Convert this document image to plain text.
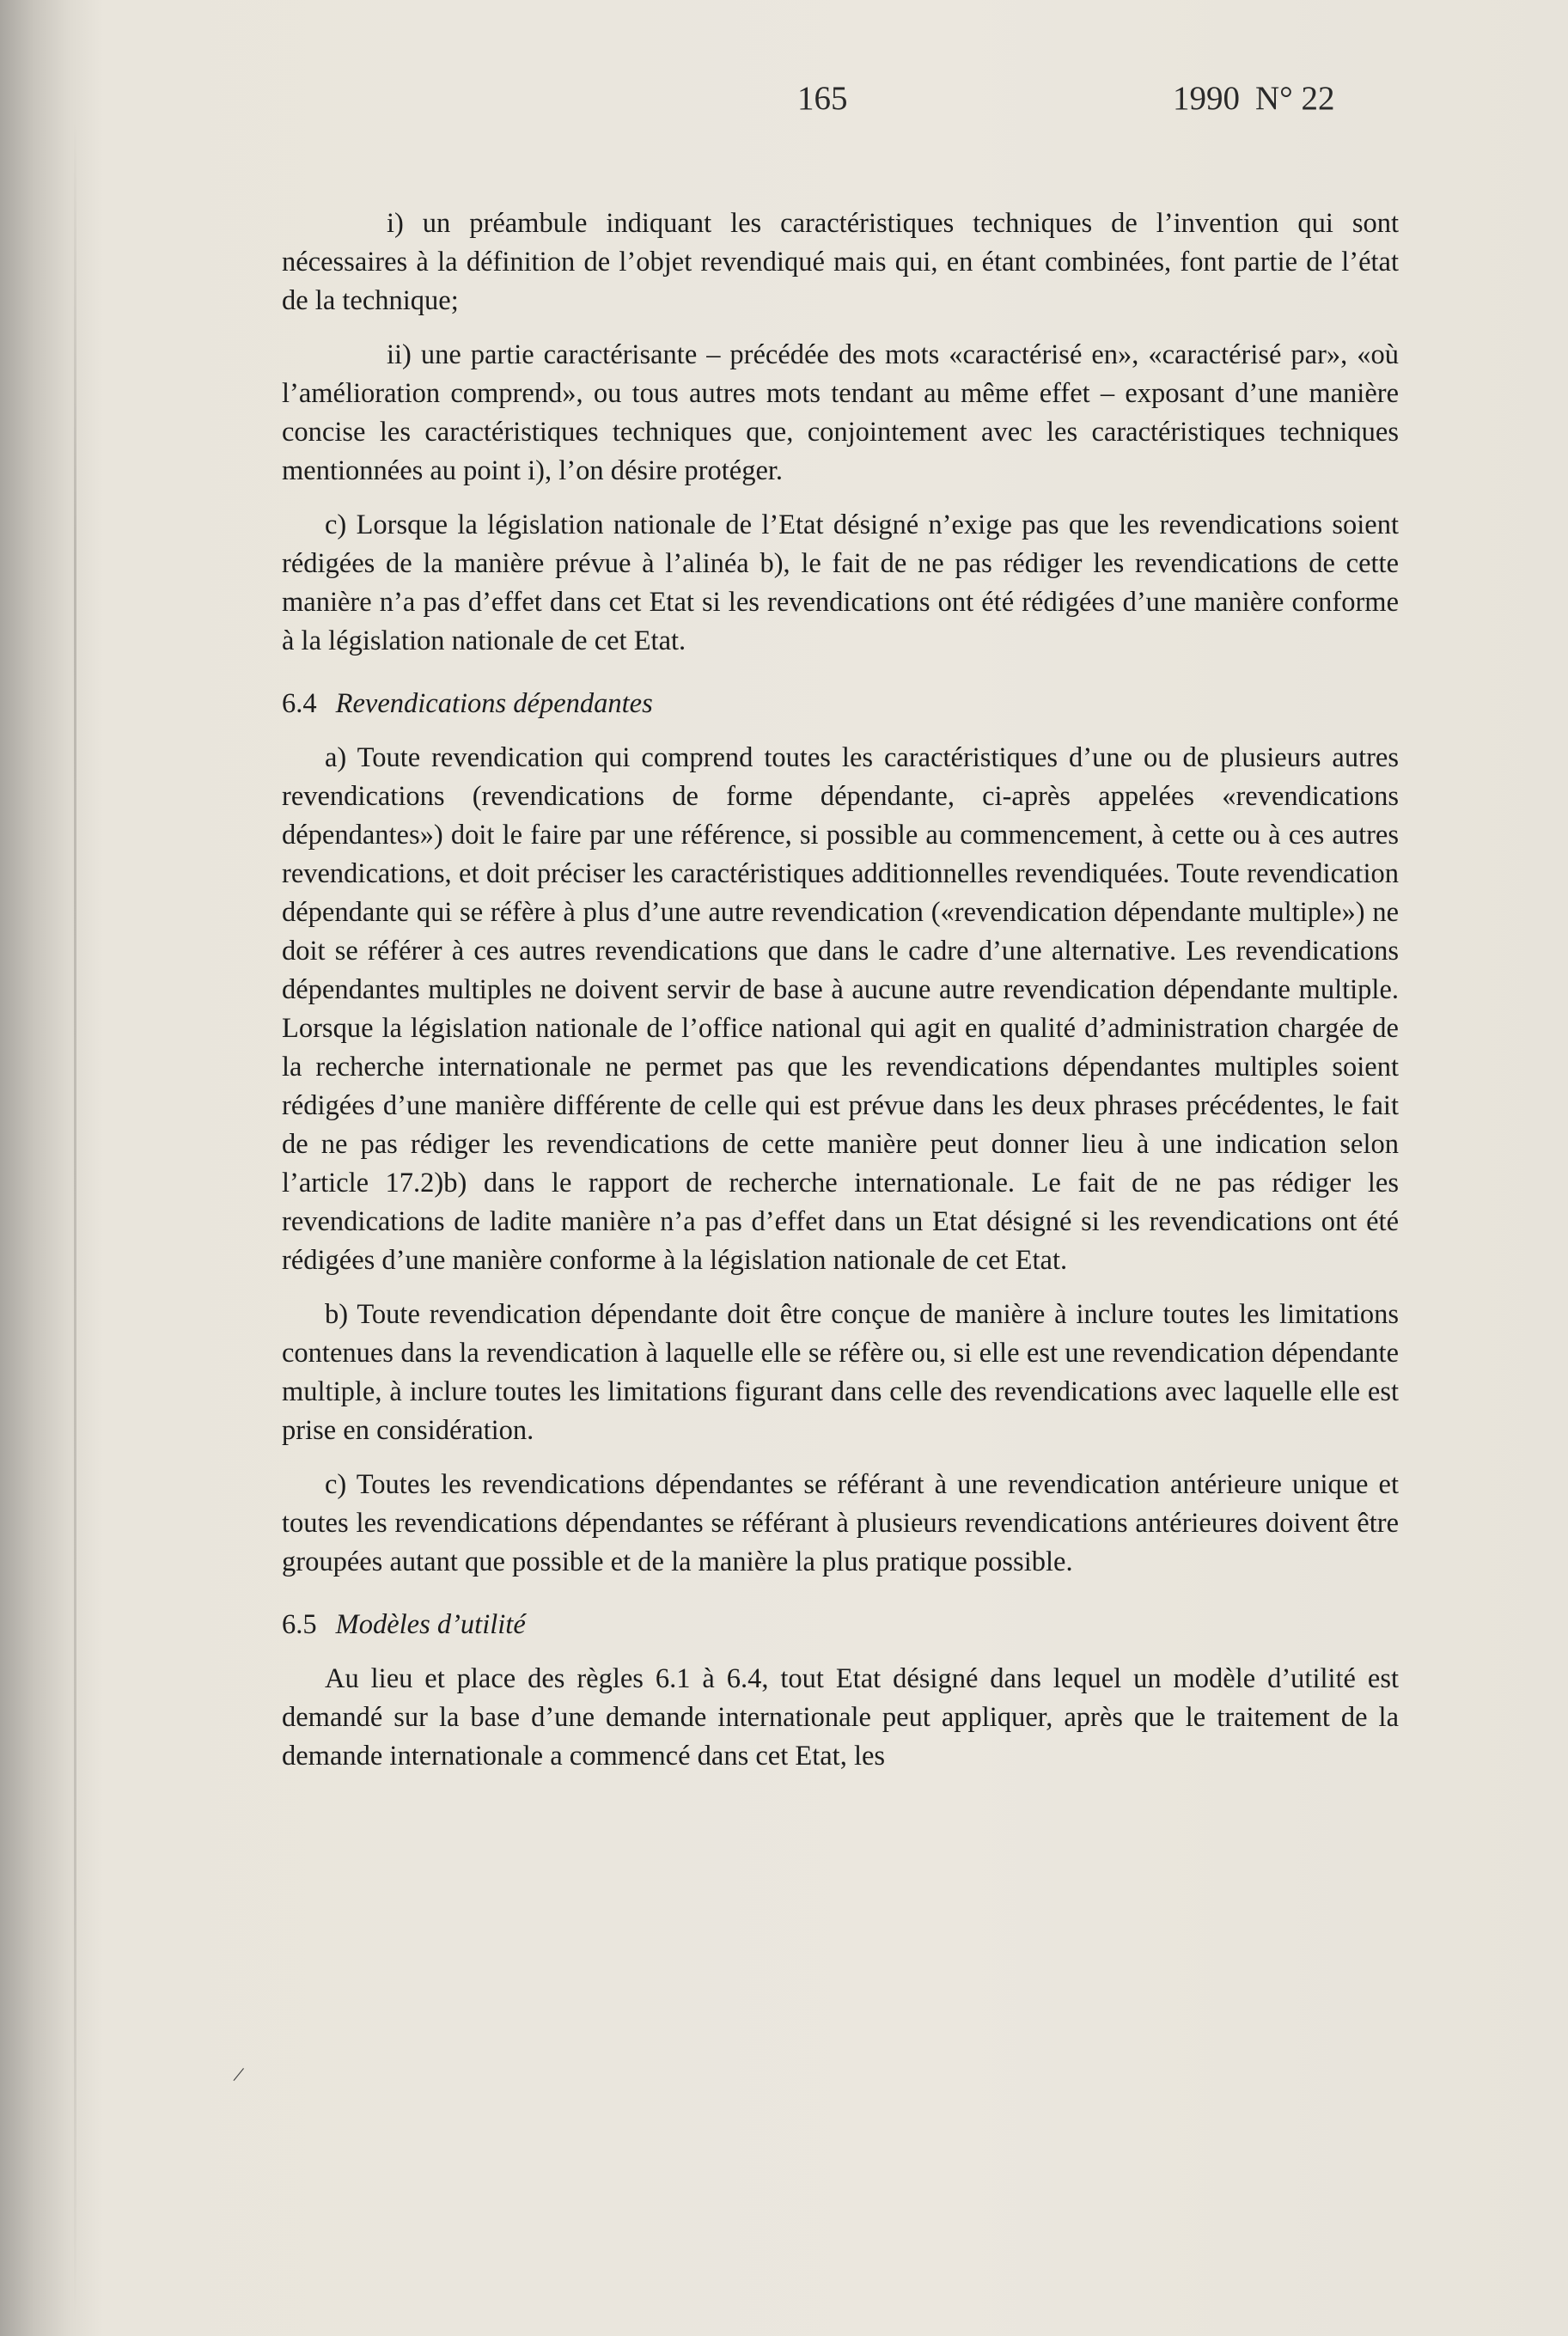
165	1990 N° 22

i) un préambule indiquant les caractéristiques techniques de l’invention qui sont nécessaires à la définition de l’objet revendiqué mais qui, en étant combinées, font partie de l’état de la technique;

ii) une partie caractérisante – précédée des mots «caractérisé en», «caractérisé par», «où l’amélioration comprend», ou tous autres mots tendant au même effet – exposant d’une manière concise les caractéristiques techniques que, conjointement avec les caractéristiques techniques mentionnées au point i), l’on désire protéger.

c) Lorsque la législation nationale de l’Etat désigné n’exige pas que les revendications soient rédigées de la manière prévue à l’alinéa b), le fait de ne pas rédiger les revendications de cette manière n’a pas d’effet dans cet Etat si les revendications ont été rédigées d’une manière conforme à la législation nationale de cet Etat.

6.4 Revendications dépendantes

a) Toute revendication qui comprend toutes les caractéristiques d’une ou de plusieurs autres revendications (revendications de forme dépendante, ci-après appelées «revendications dépendantes») doit le faire par une référence, si possible au commencement, à cette ou à ces autres revendications, et doit préciser les caractéristiques additionnelles revendiquées. Toute revendication dépendante qui se réfère à plus d’une autre revendication («revendication dépendante multiple») ne doit se référer à ces autres revendications que dans le cadre d’une alternative. Les revendications dépendantes multiples ne doivent servir de base à aucune autre revendication dépendante multiple. Lorsque la législation nationale de l’office national qui agit en qualité d’administration chargée de la recherche internationale ne permet pas que les revendications dépendantes multiples soient rédigées d’une manière différente de celle qui est prévue dans les deux phrases précédentes, le fait de ne pas rédiger les revendications de cette manière peut donner lieu à une indication selon l’article 17.2)b) dans le rapport de recherche internationale. Le fait de ne pas rédiger les revendications de ladite manière n’a pas d’effet dans un Etat désigné si les revendications ont été rédigées d’une manière conforme à la législation nationale de cet Etat.

b) Toute revendication dépendante doit être conçue de manière à inclure toutes les limitations contenues dans la revendication à laquelle elle se réfère ou, si elle est une revendication dépendante multiple, à inclure toutes les limitations figurant dans celle des revendications avec laquelle elle est prise en considération.

c) Toutes les revendications dépendantes se référant à une revendication antérieure unique et toutes les revendications dépendantes se référant à plusieurs revendications antérieures doivent être groupées autant que possible et de la manière la plus pratique possible.

6.5 Modèles d’utilité

Au lieu et place des règles 6.1 à 6.4, tout Etat désigné dans lequel un modèle d’utilité est demandé sur la base d’une demande internationale peut appliquer, après que le traitement de la demande internationale a commencé dans cet Etat, les

/
